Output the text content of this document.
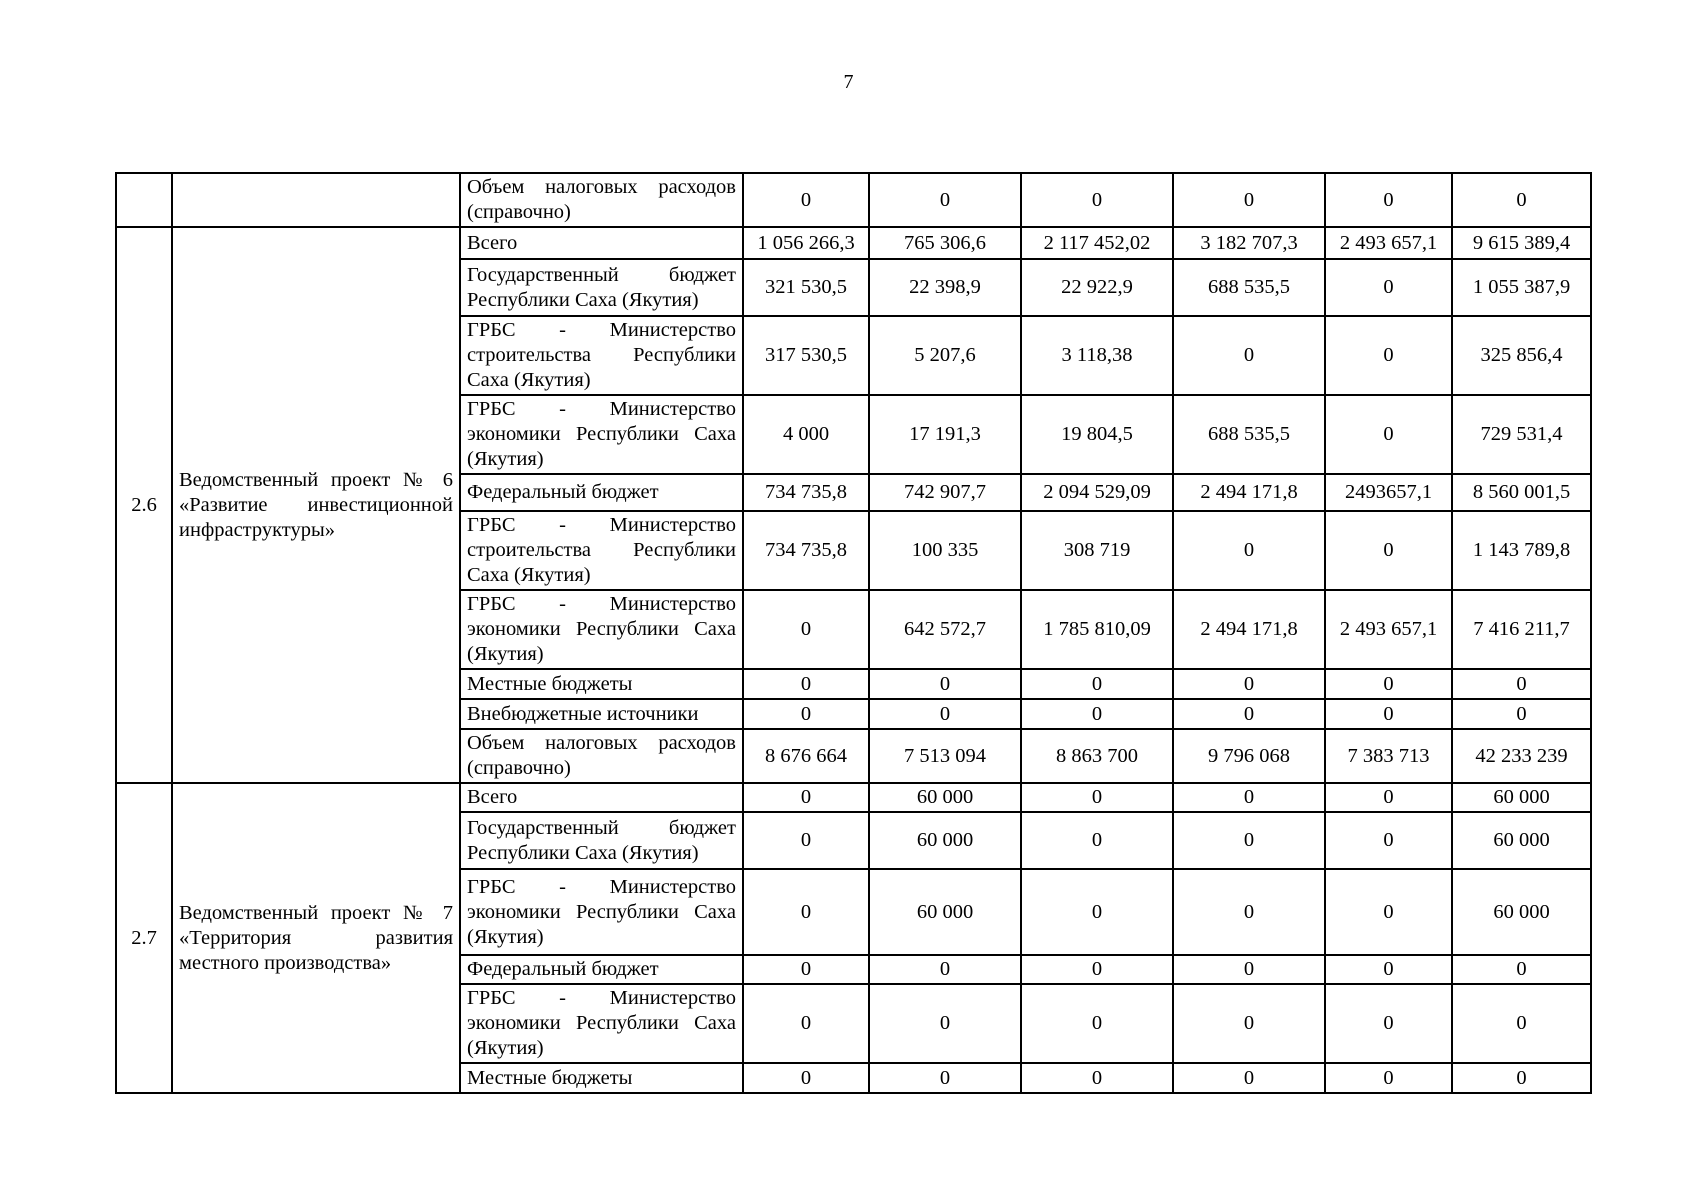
7
		Объем налоговых расходов (справочно)	0	0	0	0	0	0
2.6	Ведомственный проект № 6 «Развитие инвестиционной инфраструктуры»	Всего	1 056 266,3	765 306,6	2 117 452,02	3 182 707,3	2 493 657,1	9 615 389,4
		Государственный бюджет Республики Саха (Якутия)	321 530,5	22 398,9	22 922,9	688 535,5	0	1 055 387,9
		ГРБС - Министерство строительства Республики Саха (Якутия)	317 530,5	5 207,6	3 118,38	0	0	325 856,4
		ГРБС - Министерство экономики Республики Саха (Якутия)	4 000	17 191,3	19 804,5	688 535,5	0	729 531,4
		Федеральный бюджет	734 735,8	742 907,7	2 094 529,09	2 494 171,8	2493657,1	8 560 001,5
		ГРБС - Министерство строительства Республики Саха (Якутия)	734 735,8	100 335	308 719	0	0	1 143 789,8
		ГРБС - Министерство экономики Республики Саха (Якутия)	0	642 572,7	1 785 810,09	2 494 171,8	2 493 657,1	7 416 211,7
		Местные бюджеты	0	0	0	0	0	0
		Внебюджетные источники	0	0	0	0	0	0
		Объем налоговых расходов (справочно)	8 676 664	7 513 094	8 863 700	9 796 068	7 383 713	42 233 239
2.7	Ведомственный проект № 7 «Территория развития местного производства»	Всего	0	60 000	0	0	0	60 000
		Государственный бюджет Республики Саха (Якутия)	0	60 000	0	0	0	60 000
		ГРБС - Министерство экономики Республики Саха (Якутия)	0	60 000	0	0	0	60 000
		Федеральный бюджет	0	0	0	0	0	0
		ГРБС - Министерство экономики Республики Саха (Якутия)	0	0	0	0	0	0
		Местные бюджеты	0	0	0	0	0	0
